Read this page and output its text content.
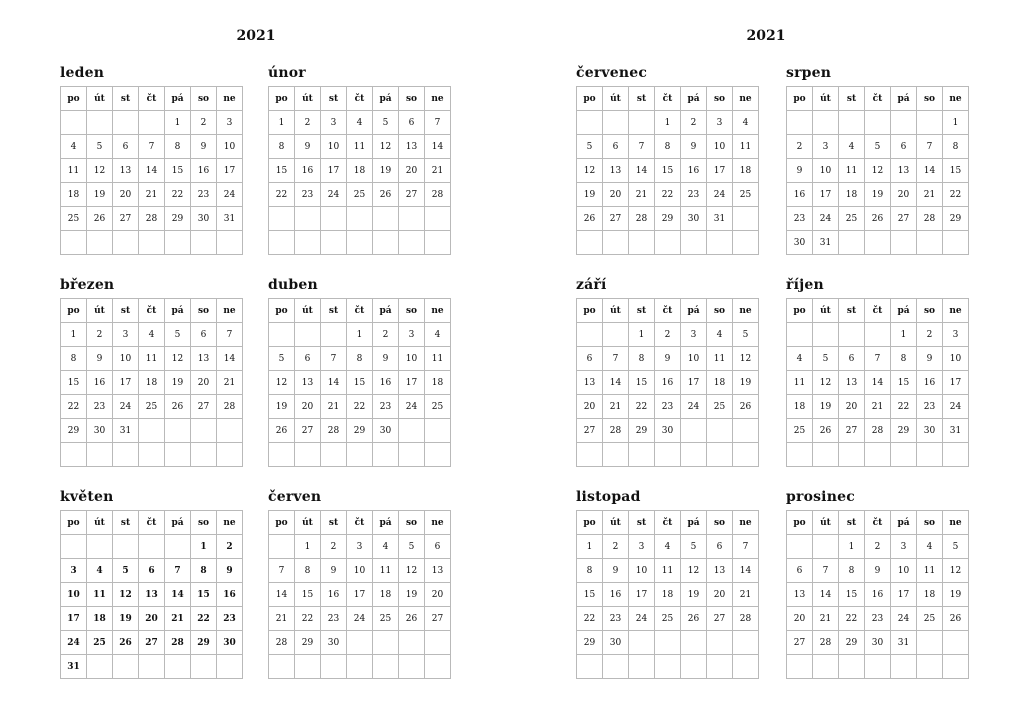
2021	2021
leden
po	út	st	čt	pá	so	ne
				1	2	3
4	5	6	7	8	9	10
11	12	13	14	15	16	17
18	19	20	21	22	23	24
25	26	27	28	29	30	31

únor
po	út	st	čt	pá	so	ne
1	2	3	4	5	6	7
8	9	10	11	12	13	14
15	16	17	18	19	20	21
22	23	24	25	26	27	28

březen
po	út	st	čt	pá	so	ne
1	2	3	4	5	6	7
8	9	10	11	12	13	14
15	16	17	18	19	20	21
22	23	24	25	26	27	28
29	30	31				

duben
po	út	st	čt	pá	so	ne
			1	2	3	4
5	6	7	8	9	10	11
12	13	14	15	16	17	18
19	20	21	22	23	24	25
26	27	28	29	30		

květen
po	út	st	čt	pá	so	ne
					1	2
3	4	5	6	7	8	9
10	11	12	13	14	15	16
17	18	19	20	21	22	23
24	25	26	27	28	29	30
31						
červen
po	út	st	čt	pá	so	ne
	1	2	3	4	5	6
7	8	9	10	11	12	13
14	15	16	17	18	19	20
21	22	23	24	25	26	27
28	29	30				

červenec
po	út	st	čt	pá	so	ne
			1	2	3	4
5	6	7	8	9	10	11
12	13	14	15	16	17	18
19	20	21	22	23	24	25
26	27	28	29	30	31	

srpen
po	út	st	čt	pá	so	ne
						1
2	3	4	5	6	7	8
9	10	11	12	13	14	15
16	17	18	19	20	21	22
23	24	25	26	27	28	29
30	31					
září
po	út	st	čt	pá	so	ne
		1	2	3	4	5
6	7	8	9	10	11	12
13	14	15	16	17	18	19
20	21	22	23	24	25	26
27	28	29	30			

říjen
po	út	st	čt	pá	so	ne
				1	2	3
4	5	6	7	8	9	10
11	12	13	14	15	16	17
18	19	20	21	22	23	24
25	26	27	28	29	30	31

listopad
po	út	st	čt	pá	so	ne
1	2	3	4	5	6	7
8	9	10	11	12	13	14
15	16	17	18	19	20	21
22	23	24	25	26	27	28
29	30					

prosinec
po	út	st	čt	pá	so	ne
		1	2	3	4	5
6	7	8	9	10	11	12
13	14	15	16	17	18	19
20	21	22	23	24	25	26
27	28	29	30	31		
